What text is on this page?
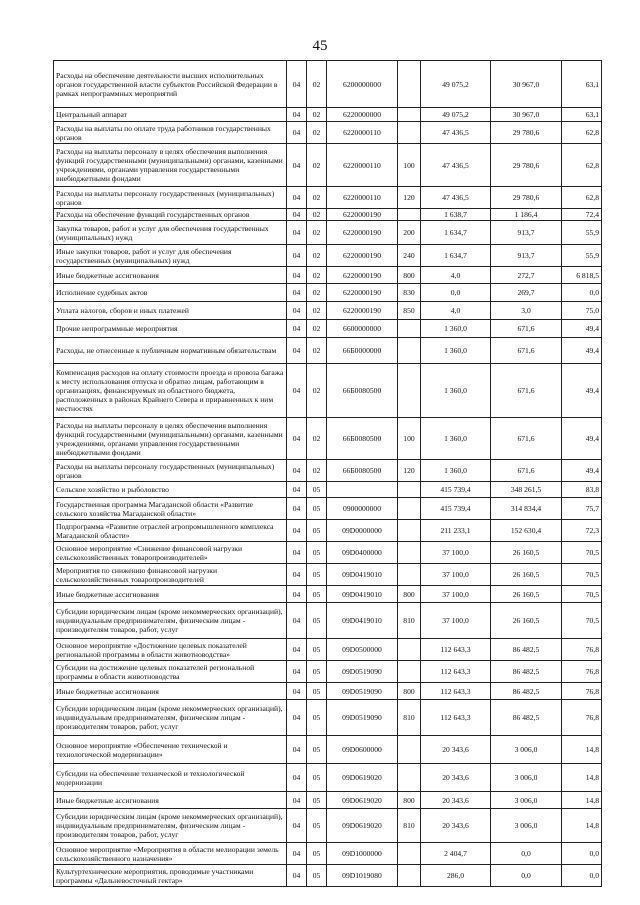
45
Расходы на обеспечение деятельности высших исполнительных органов государственной власти субъектов Российской Федерации в рамках непрограммных мероприятий	04	02	6200000000		49 075,2	30 967,0	63,1
Центральный аппарат	04	02	6220000000		49 075,2	30 967,0	63,1
Расходы на выплаты по оплате труда работников государственных органов	04	02	6220000110		47 436,5	29 780,6	62,8
Расходы на выплаты персоналу в целях обеспечения выполнения функций государственными (муниципальными) органами, казенными учреждениями, органами управления государственными внебюджетными фондами	04	02	6220000110	100	47 436,5	29 780,6	62,8
Расходы на выплаты персоналу государственных (муниципальных) органов	04	02	6220000110	120	47 436,5	29 780,6	62,8
Расходы на обеспечение функций государственных органов	04	02	6220000190		1 638,7	1 186,4	72,4
Закупка товаров, работ и услуг для обеспечения государственных (муниципальных) нужд	04	02	6220000190	200	1 634,7	913,7	55,9
Иные закупки товаров, работ и услуг для обеспечения государственных (муниципальных) нужд	04	02	6220000190	240	1 634,7	913,7	55,9
Иные бюджетные ассигнования	04	02	6220000190	800	4,0	272,7	6 818,5
Исполнение судебных актов	04	02	6220000190	830	0,0	269,7	0,0
Уплата налогов, сборов и иных платежей	04	02	6220000190	850	4,0	3,0	75,0
Прочие непрограммные мероприятия	04	02	6600000000		1 360,0	671,6	49,4
Расходы, не отнесенные к публичным нормативным обязательствам	04	02	66Б0000000		1 360,0	671,6	49,4
Компенсация расходов на оплату стоимости проезда и провоза багажа к месту использования отпуска и обратно лицам, работающим в организациях, финансируемых из областного бюджета, расположенных в районах Крайнего Севера и приравненных к ним местностях	04	02	66Б0080500		1 360,0	671,6	49,4
Расходы на выплаты персоналу в целях обеспечения выполнения функций государственными (муниципальными) органами, казенными учреждениями, органами управления государственными внебюджетными фондами	04	02	66Б0080500	100	1 360,0	671,6	49,4
Расходы на выплаты персоналу государственных (муниципальных) органов	04	02	66Б0080500	120	1 360,0	671,6	49,4
Сельское хозяйство и рыболовство	04	05			415 739,4	348 261,5	83,8
Государственная программа Магаданской области «Развитие сельского хозяйства Магаданской области»	04	05	0900000000		415 739,4	314 834,4	75,7
Подпрограмма «Развитие отраслей агропромышленного комплекса Магаданской области»	04	05	09D0000000		211 233,1	152 630,4	72,3
Основное мероприятие «Снижение финансовой нагрузки сельскохозяйственных товаропроизводителей»	04	05	09D0400000		37 100,0	26 160,5	70,5
Мероприятия по снижению финансовой нагрузки сельскохозяйственных товаропроизводителей	04	05	09D0419010		37 100,0	26 160,5	70,5
Иные бюджетные ассигнования	04	05	09D0419010	800	37 100,0	26 160,5	70,5
Субсидии юридическим лицам (кроме некоммерческих организаций), индивидуальным предпринимателям, физическим лицам - производителям товаров, работ, услуг	04	05	09D0419010	810	37 100,0	26 160,5	70,5
Основное мероприятие «Достижение целевых показателей региональной программы в области животноводства»	04	05	09D0500000		112 643,3	86 482,5	76,8
Субсидии на достижение целевых показателей региональной программы в области животноводства	04	05	09D0519090		112 643,3	86 482,5	76,8
Иные бюджетные ассигнования	04	05	09D0519090	800	112 643,3	86 482,5	76,8
Субсидии юридическим лицам (кроме некоммерческих организаций), индивидуальным предпринимателям, физическим лицам - производителям товаров, работ, услуг	04	05	09D0519090	810	112 643,3	86 482,5	76,8
Основное мероприятие «Обеспечение технической и технологической модернизации»	04	05	09D0600000		20 343,6	3 006,0	14,8
Субсидии на обеспечение технической и технологической модернизации	04	05	09D0619020		20 343,6	3 006,0	14,8
Иные бюджетные ассигнования	04	05	09D0619020	800	20 343,6	3 006,0	14,8
Субсидии юридическим лицам (кроме некоммерческих организаций), индивидуальным предпринимателям, физическим лицам - производителям товаров, работ, услуг	04	05	09D0619020	810	20 343,6	3 006,0	14,8
Основное мероприятие «Мероприятия в области мелиорации земель сельскохозяйственного назначения»	04	05	09D1000000		2 404,7	0,0	0,0
Культуртехнические мероприятия, проводимые участниками программы «Дальневосточный гектар»	04	05	09D1019080		286,0	0,0	0,0
